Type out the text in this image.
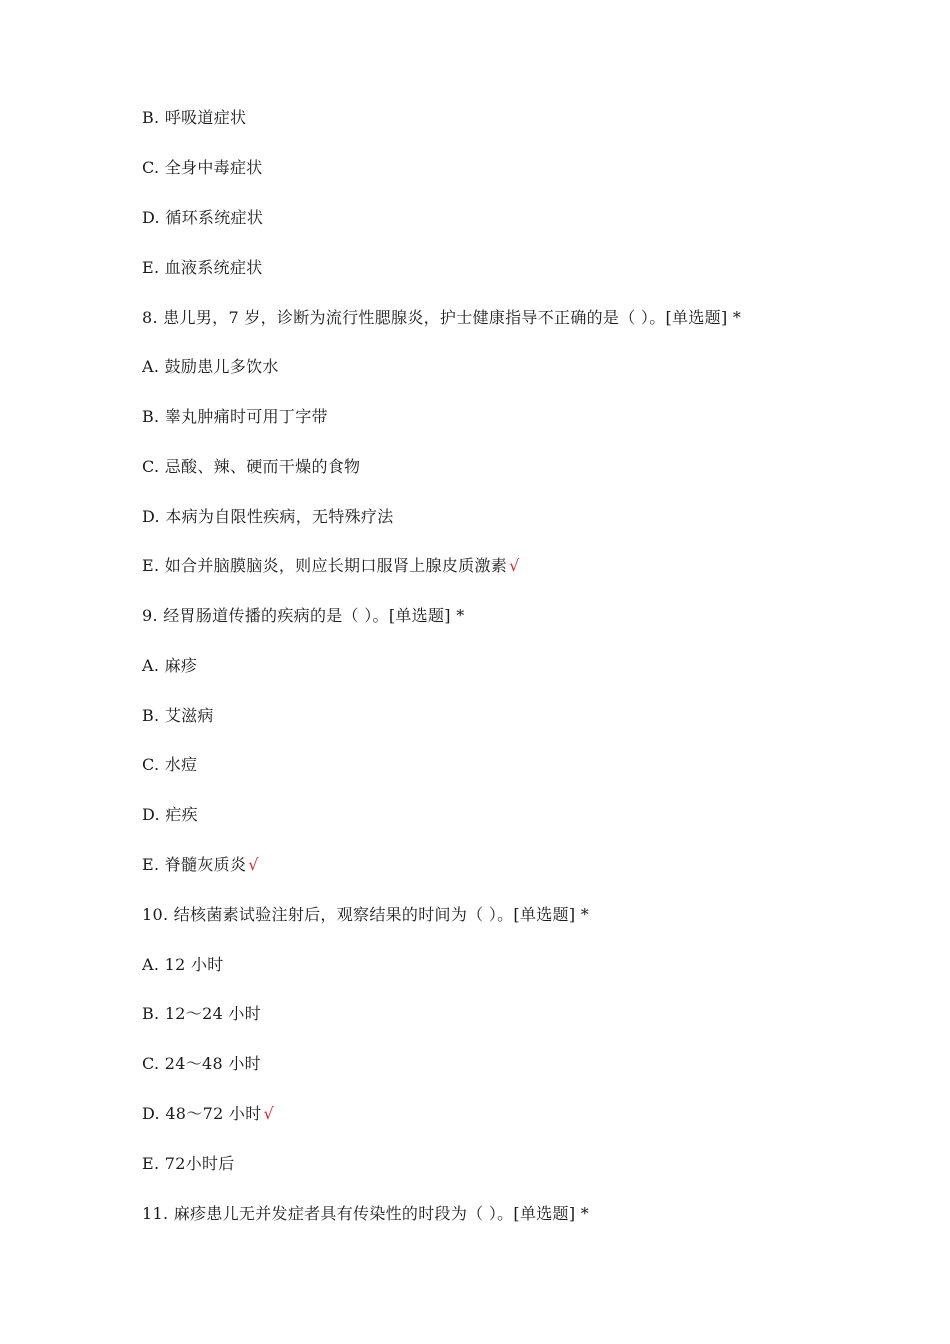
B. 呼吸道症状
C. 全身中毒症状
D. 循环系统症状
E. 血液系统症状
8. 患儿男，7 岁，诊断为流行性腮腺炎，护士健康指导不正确的是（ ）。[单选题] *
A. 鼓励患儿多饮水
B. 睾丸肿痛时可用丁字带
C. 忌酸、辣、硬而干燥的食物
D. 本病为自限性疾病，无特殊疗法
E. 如合并脑膜脑炎，则应长期口服肾上腺皮质激素 √
9. 经胃肠道传播的疾病的是（ ）。[单选题] *
A. 麻疹
B. 艾滋病
C. 水痘
D. 疟疾
E. 脊髓灰质炎 √
10. 结核菌素试验注射后，观察结果的时间为（ ）。[单选题] *
A. 12 小时
B. 12～24 小时
C. 24～48 小时
D. 48～72 小时 √
E. 72小时后
11. 麻疹患儿无并发症者具有传染性的时段为（ ）。[单选题] *
